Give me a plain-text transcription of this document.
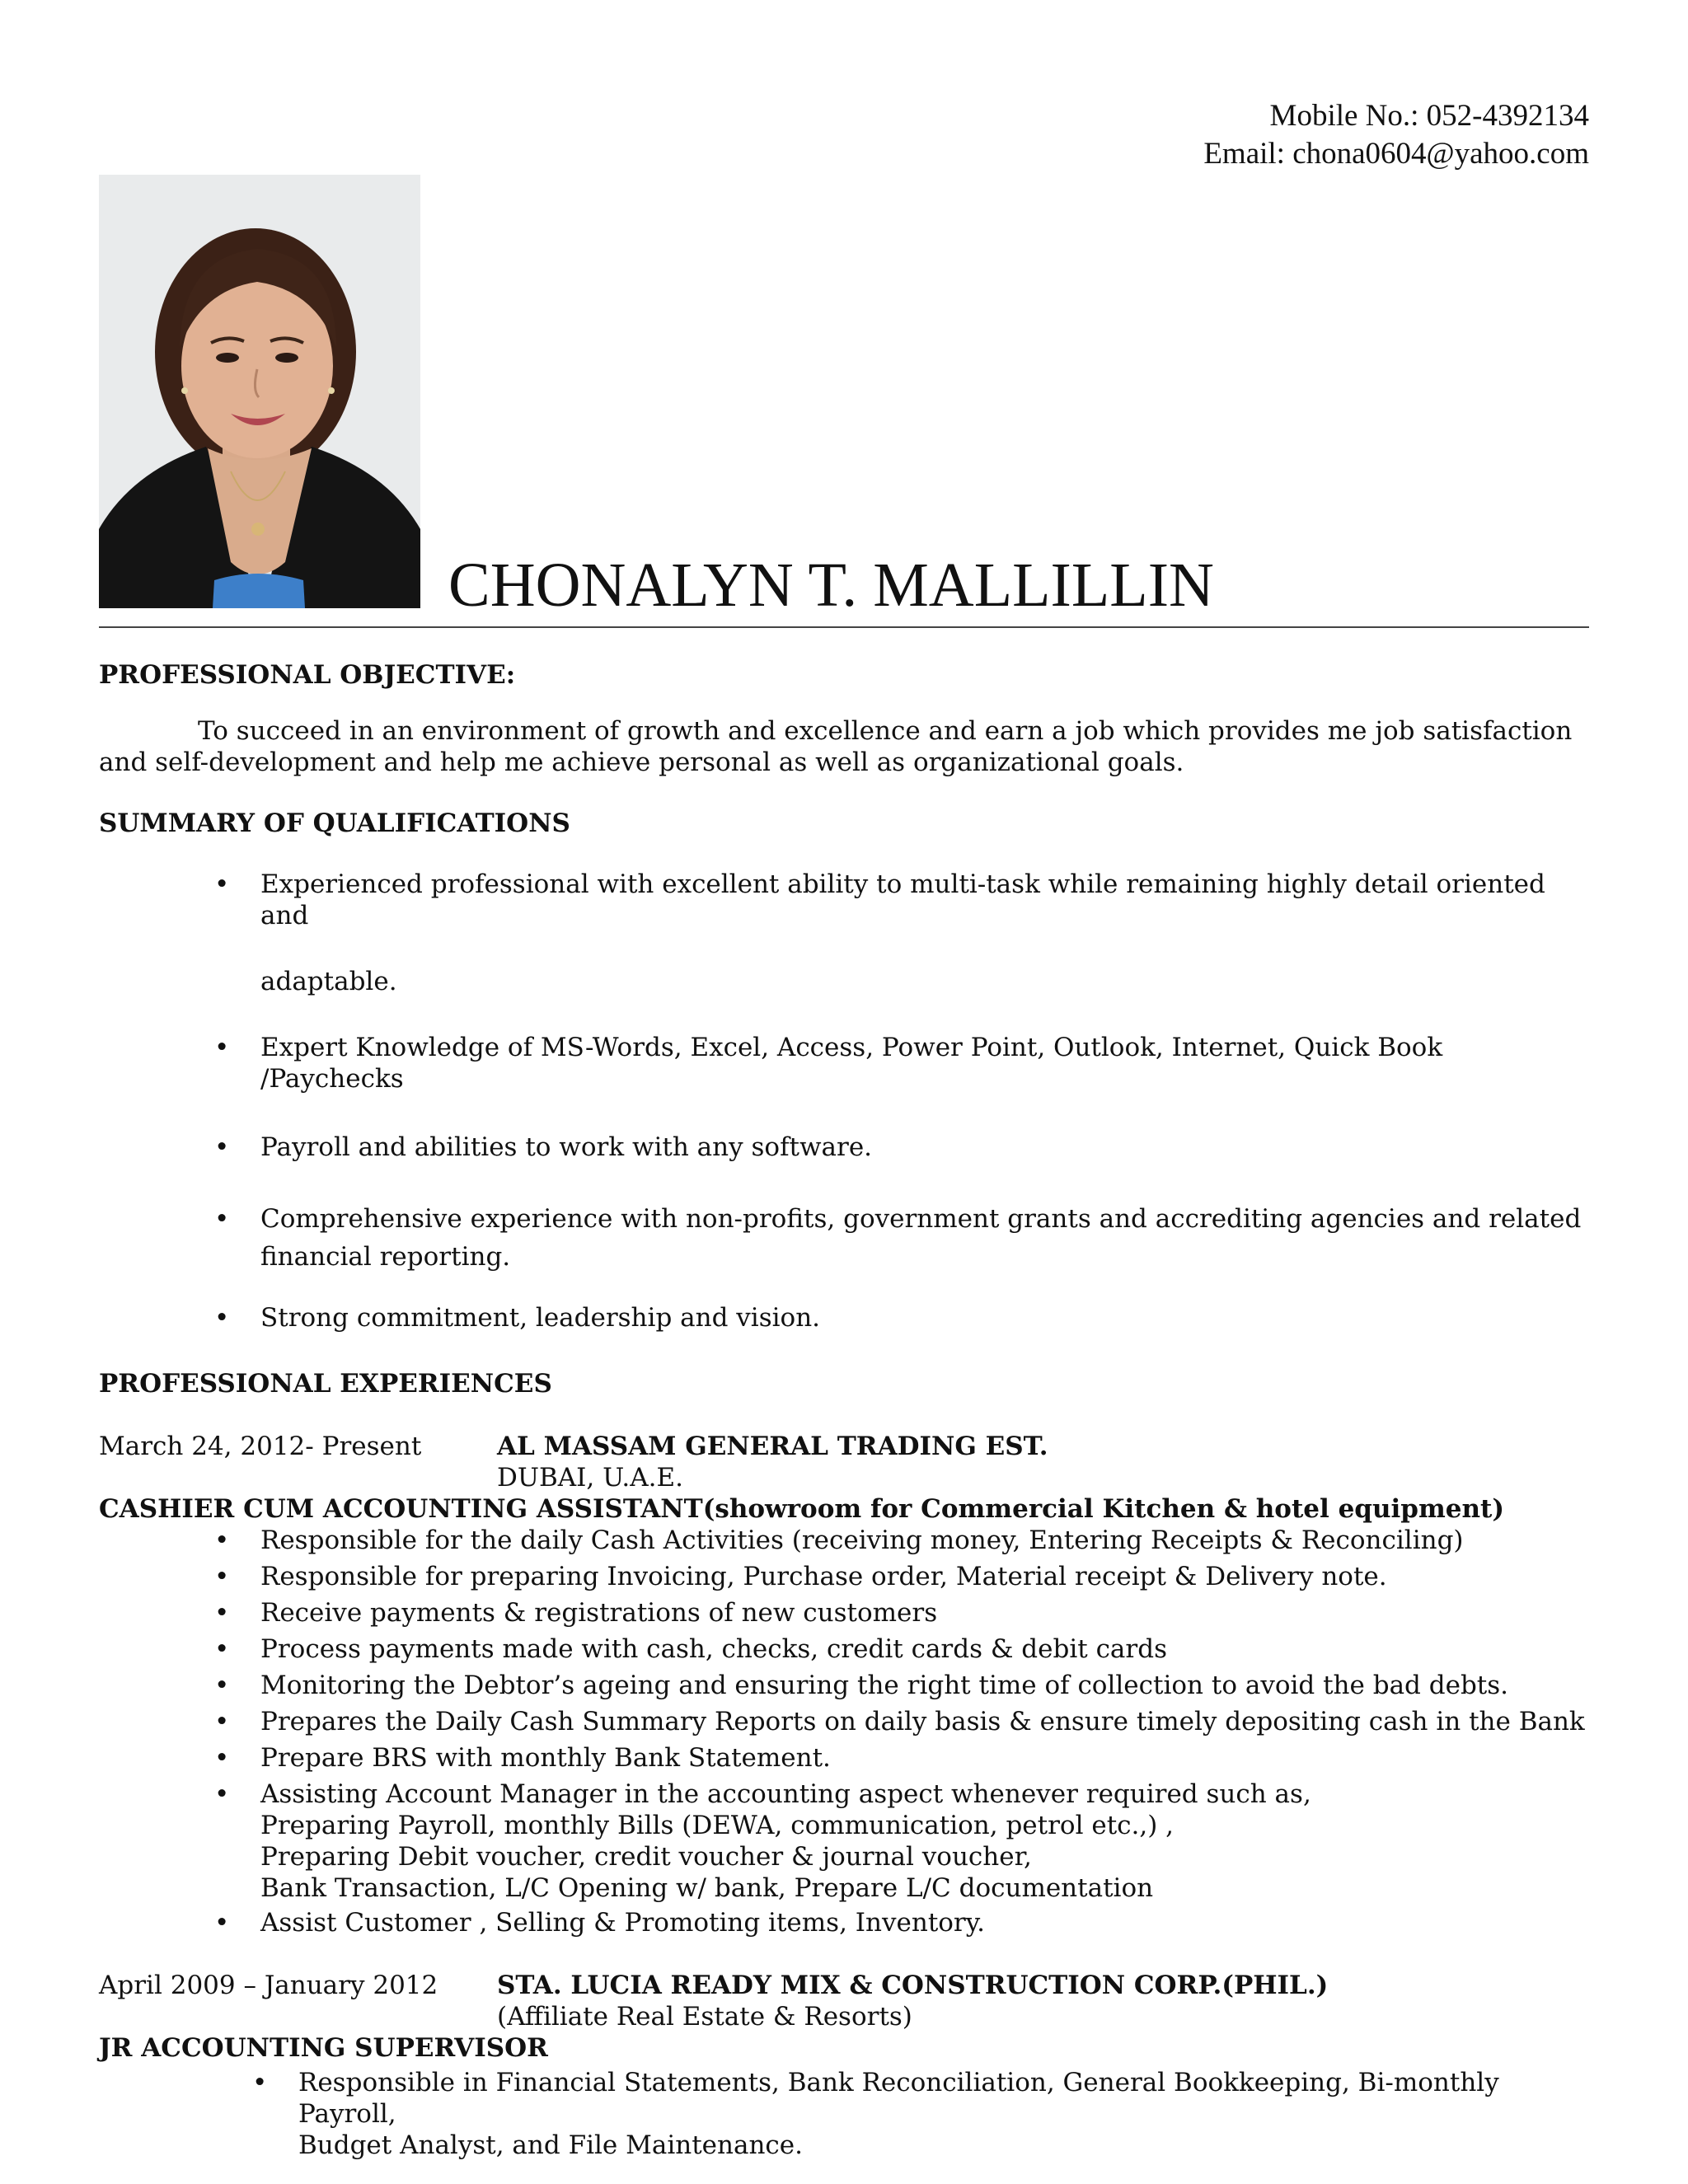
Mobile No.: 052-4392134
Email: chona0604@yahoo.com
CHONALYN T. MALLILLIN

PROFESSIONAL OBJECTIVE:

To succeed in an environment of growth and excellence and earn a job which provides me job satisfaction and self-development and help me achieve personal as well as organizational goals.

SUMMARY OF QUALIFICATIONS

•	Experienced professional with excellent ability to multi-task while remaining highly detail oriented and
adaptable.
•	Expert Knowledge of MS-Words, Excel, Access, Power Point, Outlook, Internet, Quick Book /Paychecks
•	Payroll and abilities to work with any software.
•	Comprehensive experience with non-profits, government grants and accrediting agencies and related
financial reporting.
•	Strong commitment, leadership and vision.

PROFESSIONAL EXPERIENCES

March 24, 2012- Present	AL MASSAM GENERAL TRADING EST.
DUBAI, U.A.E.
CASHIER CUM ACCOUNTING ASSISTANT(showroom for Commercial Kitchen & hotel equipment)
• Responsible for the daily Cash Activities (receiving money, Entering Receipts & Reconciling)
• Responsible for preparing Invoicing, Purchase order, Material receipt & Delivery note.
• Receive payments & registrations of new customers
• Process payments made with cash, checks, credit cards & debit cards
• Monitoring the Debtor’s ageing and ensuring the right time of collection to avoid the bad debts.
• Prepares the Daily Cash Summary Reports on daily basis & ensure timely depositing cash in the Bank
• Prepare BRS with monthly Bank Statement.
• Assisting Account Manager in the accounting aspect whenever required such as,
Preparing Payroll, monthly Bills (DEWA, communication, petrol etc.,) ,
Preparing Debit voucher, credit voucher & journal voucher,
Bank Transaction, L/C Opening w/ bank, Prepare L/C documentation
• Assist Customer , Selling & Promoting items, Inventory.
April 2009 – January 2012 STA. LUCIA READY MIX & CONSTRUCTION CORP.(PHIL.)
(Affiliate Real Estate & Resorts)
JR ACCOUNTING SUPERVISOR
• Responsible in Financial Statements, Bank Reconciliation, General Bookkeeping, Bi-monthly Payroll,
Budget Analyst, and File Maintenance.
